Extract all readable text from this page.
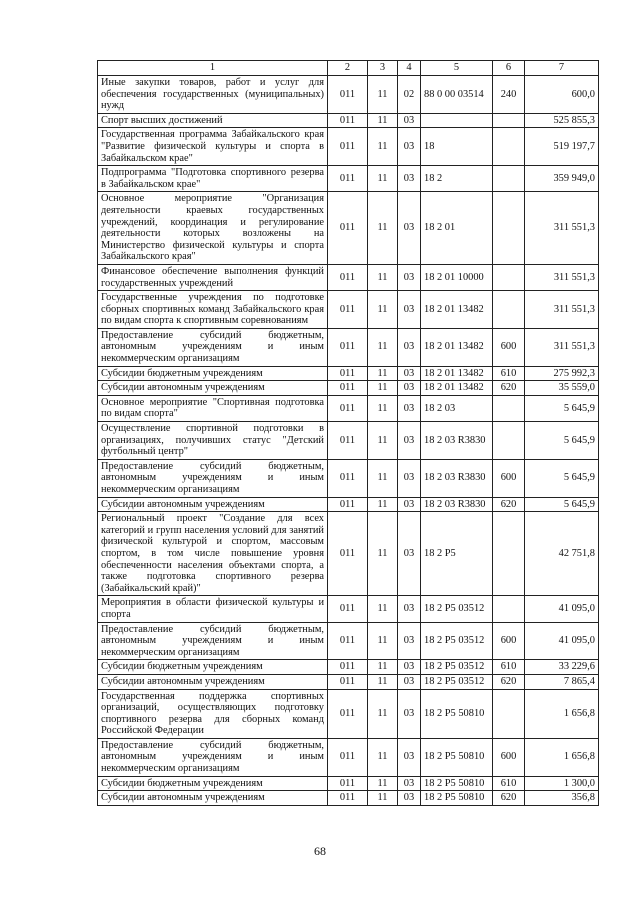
1	2	3	4	5	6	7
Иные закупки товаров, работ и услуг для обеспечения государственных (муниципальных) нужд	011	11	02	88 0 00 03514	240	600,0
Спорт высших достижений	011	11	03			525 855,3
Государственная программа Забайкальского края "Развитие физической культуры и спорта в Забайкальском крае"	011	11	03	18		519 197,7
Подпрограмма "Подготовка спортивного резерва в Забайкальском крае"	011	11	03	18 2		359 949,0
Основное мероприятие "Организация деятельности краевых государственных учреждений, координация и регулирование деятельности которых возложены на Министерство физической культуры и спорта Забайкальского края"	011	11	03	18 2 01		311 551,3
Финансовое обеспечение выполнения функций государственных учреждений	011	11	03	18 2 01 10000		311 551,3
Государственные учреждения по подготовке сборных спортивных команд Забайкальского края по видам спорта к спортивным соревнованиям	011	11	03	18 2 01 13482		311 551,3
Предоставление субсидий бюджетным, автономным учреждениям и иным некоммерческим организациям	011	11	03	18 2 01 13482	600	311 551,3
Субсидии бюджетным учреждениям	011	11	03	18 2 01 13482	610	275 992,3
Субсидии автономным учреждениям	011	11	03	18 2 01 13482	620	35 559,0
Основное мероприятие "Спортивная подготовка по видам спорта"	011	11	03	18 2 03		5 645,9
Осуществление спортивной подготовки в организациях, получивших статус "Детский футбольный центр"	011	11	03	18 2 03 R3830		5 645,9
Предоставление субсидий бюджетным, автономным учреждениям и иным некоммерческим организациям	011	11	03	18 2 03 R3830	600	5 645,9
Субсидии автономным учреждениям	011	11	03	18 2 03 R3830	620	5 645,9
Региональный проект "Создание для всех категорий и групп населения условий для занятий физической культурой и спортом, массовым спортом, в том числе повышение уровня обеспеченности населения объектами спорта, а также подготовка спортивного резерва (Забайкальский край)"	011	11	03	18 2 P5		42 751,8
Мероприятия в области физической культуры и спорта	011	11	03	18 2 P5 03512		41 095,0
Предоставление субсидий бюджетным, автономным учреждениям и иным некоммерческим организациям	011	11	03	18 2 P5 03512	600	41 095,0
Субсидии бюджетным учреждениям	011	11	03	18 2 P5 03512	610	33 229,6
Субсидии автономным учреждениям	011	11	03	18 2 P5 03512	620	7 865,4
Государственная поддержка спортивных организаций, осуществляющих подготовку спортивного резерва для сборных команд Российской Федерации	011	11	03	18 2 P5 50810		1 656,8
Предоставление субсидий бюджетным, автономным учреждениям и иным некоммерческим организациям	011	11	03	18 2 P5 50810	600	1 656,8
Субсидии бюджетным учреждениям	011	11	03	18 2 P5 50810	610	1 300,0
Субсидии автономным учреждениям	011	11	03	18 2 P5 50810	620	356,8
68
